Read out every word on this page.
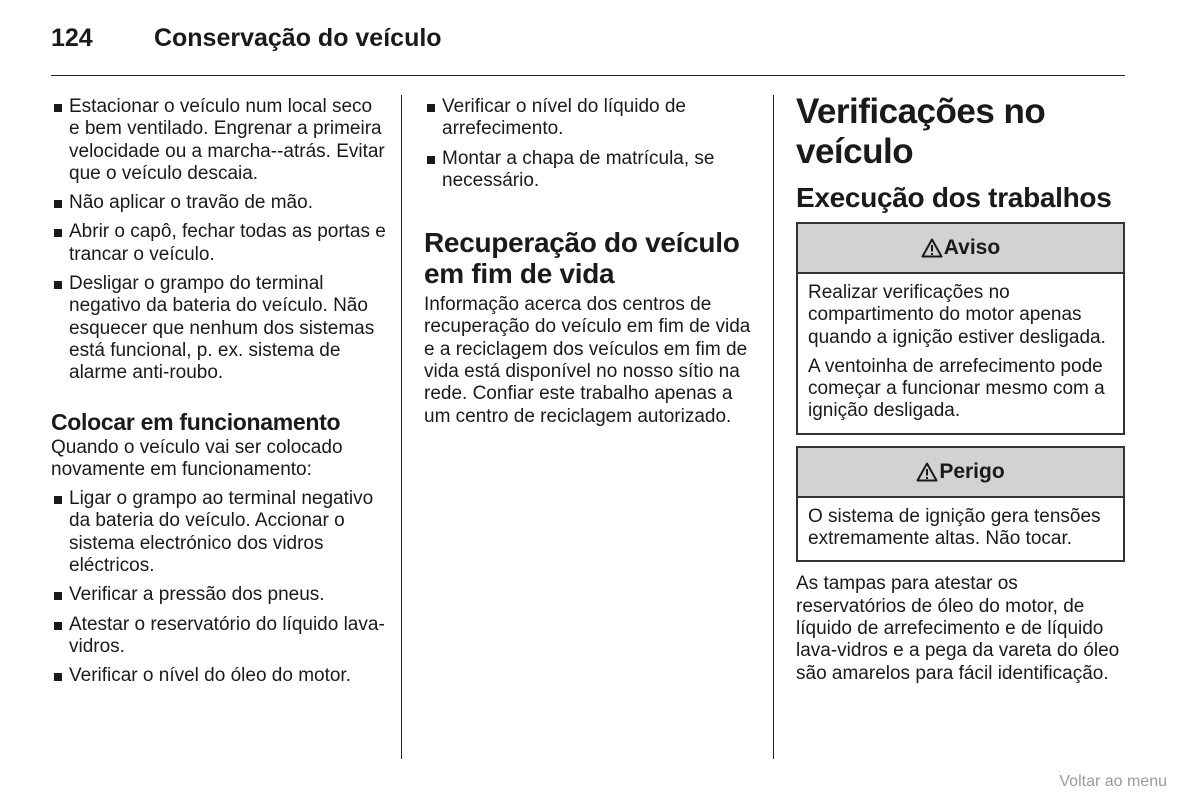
124 Conservação do veículo
Estacionar o veículo num local seco e bem ventilado. Engrenar a primeira velocidade ou a marcha-‑atrás. Evitar que o veículo descaia.
Não aplicar o travão de mão.
Abrir o capô, fechar todas as portas e trancar o veículo.
Desligar o grampo do terminal negativo da bateria do veículo. Não esquecer que nenhum dos sistemas está funcional, p. ex. sistema de alarme anti-roubo.
Colocar em funcionamento

Quando o veículo vai ser colocado novamente em funcionamento:

Ligar o grampo ao terminal negativo da bateria do veículo. Accionar o sistema electrónico dos vidros eléctricos.
Verificar a pressão dos pneus.
Atestar o reservatório do líquido lava-vidros.
Verificar o nível do óleo do motor.
Verificar o nível do líquido de arrefecimento.
Montar a chapa de matrícula, se necessário.
Recuperação do veículo em fim de vida

Informação acerca dos centros de recuperação do veículo em fim de vida e a reciclagem dos veículos em fim de vida está disponível no nosso sítio na rede. Confiar este trabalho apenas a um centro de reciclagem autorizado.

Verificações no veículo
Execução dos trabalhos
Aviso

Realizar verificações no compartimento do motor apenas quando a ignição estiver desligada.

A ventoinha de arrefecimento pode começar a funcionar mesmo com a ignição desligada.

Perigo

O sistema de ignição gera tensões extremamente altas. Não tocar.

As tampas para atestar os reservatórios de óleo do motor, de líquido de arrefecimento e de líquido lava-vidros e a pega da vareta do óleo são amarelos para fácil identificação.

Voltar ao menu
